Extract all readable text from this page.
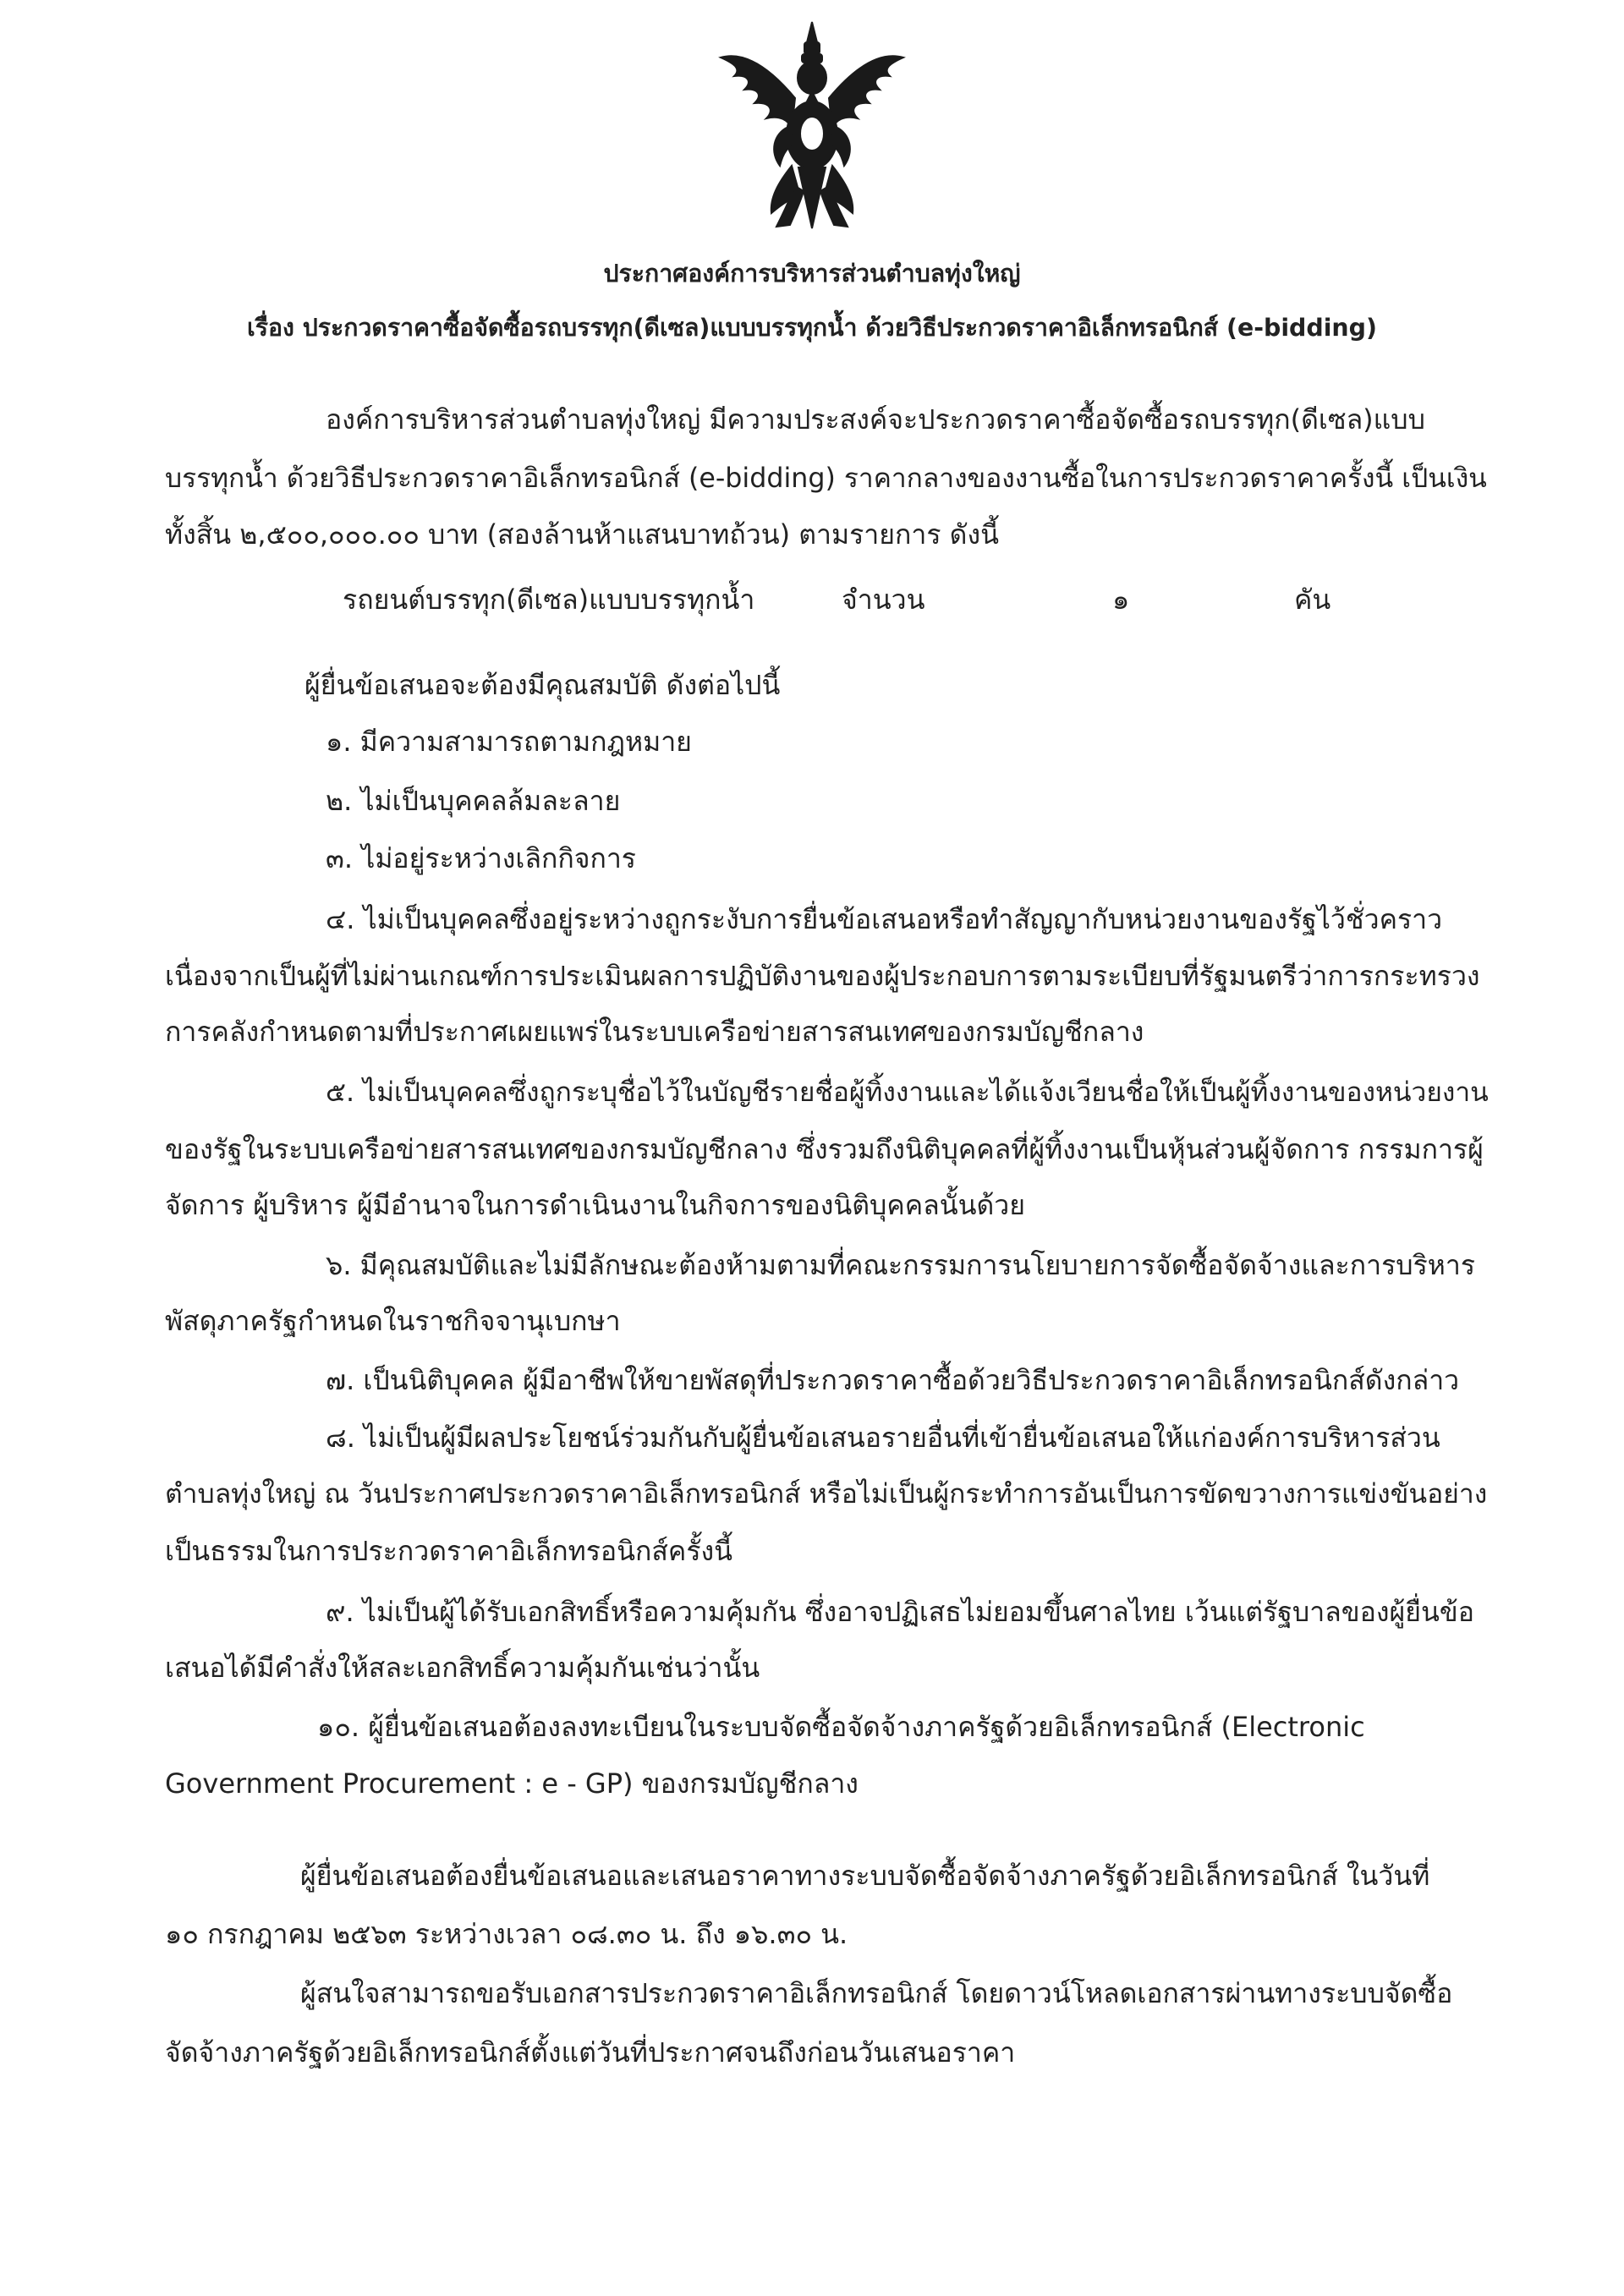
ประกาศองค์การบริหารส่วนตำบลทุ่งใหญ่
เรื่อง ประกวดราคาซื้อจัดซื้อรถบรรทุก(ดีเซล)แบบบรรทุกน้ำ ด้วยวิธีประกวดราคาอิเล็กทรอนิกส์ (e-bidding)
องค์การบริหารส่วนตำบลทุ่งใหญ่ มีความประสงค์จะประกวดราคาซื้อจัดซื้อรถบรรทุก(ดีเซล)แบบ
บรรทุกน้ำ ด้วยวิธีประกวดราคาอิเล็กทรอนิกส์ (e-bidding) ราคากลางของงานซื้อในการประกวดราคาครั้งนี้ เป็นเงิน
ทั้งสิ้น ๒,๕๐๐,๐๐๐.๐๐ บาท (สองล้านห้าแสนบาทถ้วน) ตามรายการ ดังนี้
รถยนต์บรรทุก(ดีเซล)แบบบรรทุกน้ำ	จำนวน	๑	คัน
ผู้ยื่นข้อเสนอจะต้องมีคุณสมบัติ ดังต่อไปนี้
๑. มีความสามารถตามกฎหมาย
๒. ไม่เป็นบุคคลล้มละลาย
๓. ไม่อยู่ระหว่างเลิกกิจการ
๔. ไม่เป็นบุคคลซึ่งอยู่ระหว่างถูกระงับการยื่นข้อเสนอหรือทำสัญญากับหน่วยงานของรัฐไว้ชั่วคราว
เนื่องจากเป็นผู้ที่ไม่ผ่านเกณฑ์การประเมินผลการปฏิบัติงานของผู้ประกอบการตามระเบียบที่รัฐมนตรีว่าการกระทรวง
การคลังกำหนดตามที่ประกาศเผยแพร่ในระบบเครือข่ายสารสนเทศของกรมบัญชีกลาง
๕. ไม่เป็นบุคคลซึ่งถูกระบุชื่อไว้ในบัญชีรายชื่อผู้ทิ้งงานและได้แจ้งเวียนชื่อให้เป็นผู้ทิ้งงานของหน่วยงาน
ของรัฐในระบบเครือข่ายสารสนเทศของกรมบัญชีกลาง ซึ่งรวมถึงนิติบุคคลที่ผู้ทิ้งงานเป็นหุ้นส่วนผู้จัดการ กรรมการผู้
จัดการ ผู้บริหาร ผู้มีอำนาจในการดำเนินงานในกิจการของนิติบุคคลนั้นด้วย
๖. มีคุณสมบัติและไม่มีลักษณะต้องห้ามตามที่คณะกรรมการนโยบายการจัดซื้อจัดจ้างและการบริหาร
พัสดุภาครัฐกำหนดในราชกิจจานุเบกษา
๗. เป็นนิติบุคคล ผู้มีอาชีพให้ขายพัสดุที่ประกวดราคาซื้อด้วยวิธีประกวดราคาอิเล็กทรอนิกส์ดังกล่าว
๘. ไม่เป็นผู้มีผลประโยชน์ร่วมกันกับผู้ยื่นข้อเสนอรายอื่นที่เข้ายื่นข้อเสนอให้แก่องค์การบริหารส่วน
ตำบลทุ่งใหญ่ ณ วันประกาศประกวดราคาอิเล็กทรอนิกส์ หรือไม่เป็นผู้กระทำการอันเป็นการขัดขวางการแข่งขันอย่าง
เป็นธรรมในการประกวดราคาอิเล็กทรอนิกส์ครั้งนี้
๙. ไม่เป็นผู้ได้รับเอกสิทธิ์หรือความคุ้มกัน ซึ่งอาจปฏิเสธไม่ยอมขึ้นศาลไทย เว้นแต่รัฐบาลของผู้ยื่นข้อ
เสนอได้มีคำสั่งให้สละเอกสิทธิ์ความคุ้มกันเช่นว่านั้น
๑๐. ผู้ยื่นข้อเสนอต้องลงทะเบียนในระบบจัดซื้อจัดจ้างภาครัฐด้วยอิเล็กทรอนิกส์ (Electronic
Government Procurement : e - GP) ของกรมบัญชีกลาง
ผู้ยื่นข้อเสนอต้องยื่นข้อเสนอและเสนอราคาทางระบบจัดซื้อจัดจ้างภาครัฐด้วยอิเล็กทรอนิกส์ ในวันที่
๑๐ กรกฎาคม ๒๕๖๓ ระหว่างเวลา ๐๘.๓๐ น. ถึง ๑๖.๓๐ น.
ผู้สนใจสามารถขอรับเอกสารประกวดราคาอิเล็กทรอนิกส์ โดยดาวน์โหลดเอกสารผ่านทางระบบจัดซื้อ
จัดจ้างภาครัฐด้วยอิเล็กทรอนิกส์ตั้งแต่วันที่ประกาศจนถึงก่อนวันเสนอราคา
